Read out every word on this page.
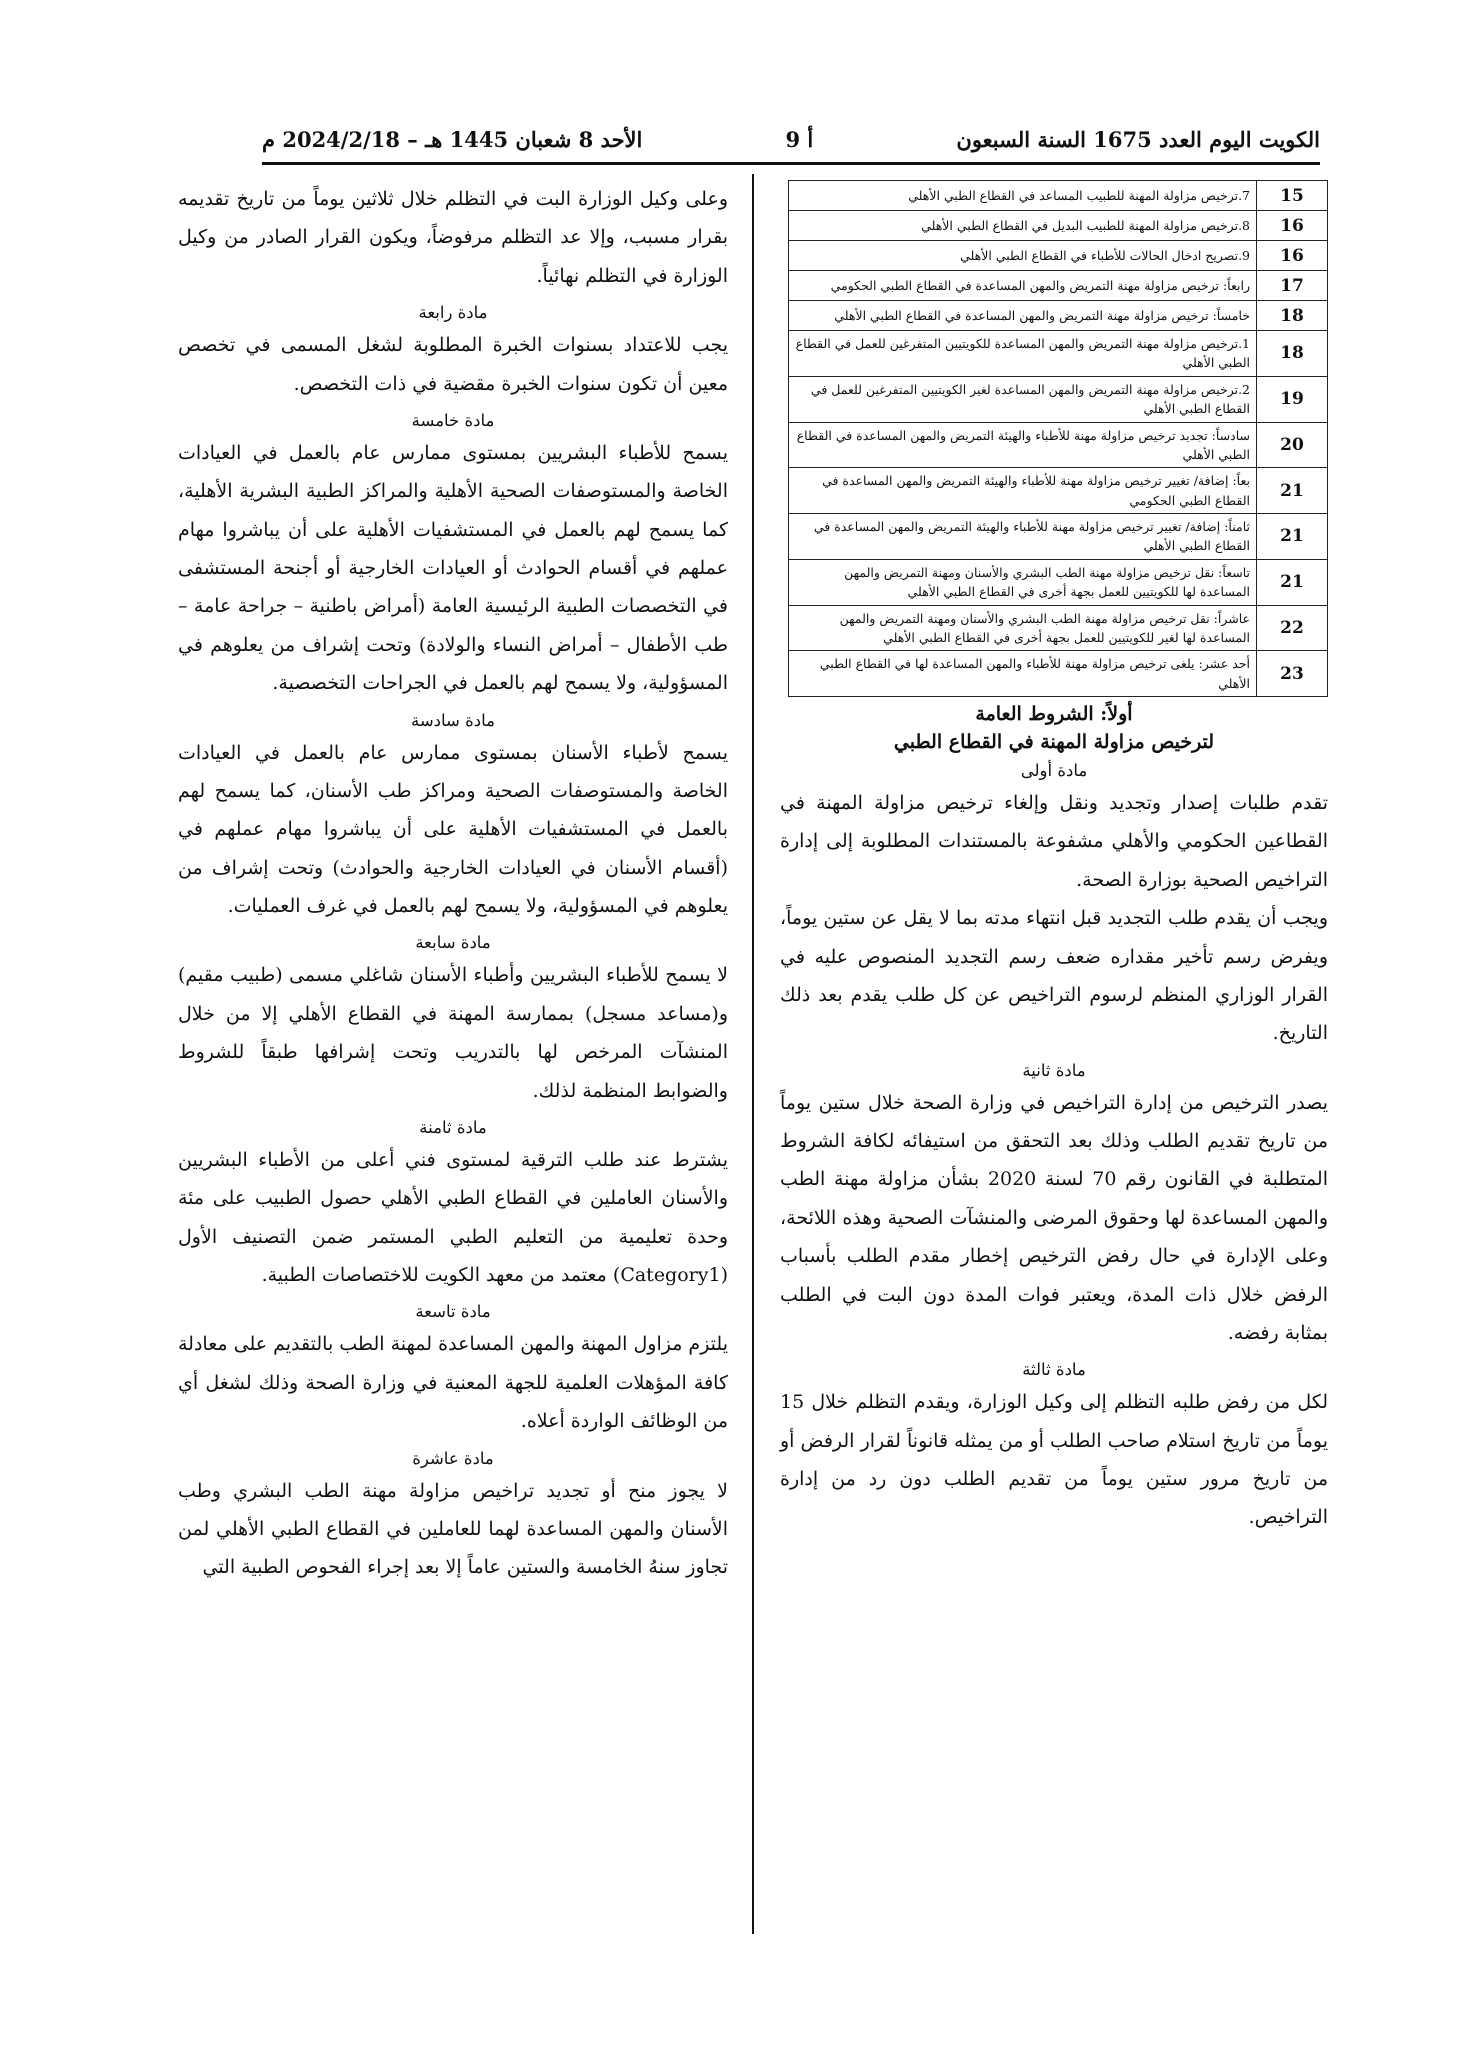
الكويت اليوم العدد 1675 السنة السبعون
أ 9
الأحد 8 شعبان 1445 هـ – 2024/2/18 م
15	7.ترخيص مزاولة المهنة للطبيب المساعد في القطاع الطبي الأهلي
16	8.ترخيص مزاولة المهنة للطبيب البديل في القطاع الطبي الأهلي
16	9.تصريح ادخال الحالات للأطباء في القطاع الطبي الأهلي
17	رابعاً: ترخيص مزاولة مهنة التمريض والمهن المساعدة في القطاع الطبي الحكومي
18	خامساً: ترخيص مزاولة مهنة التمريض والمهن المساعدة في القطاع الطبي الأهلي
18	1.ترخيص مزاولة مهنة التمريض والمهن المساعدة للكويتيين المتفرغين للعمل في القطاع الطبي الأهلي
19	2.ترخيص مزاولة مهنة التمريض والمهن المساعدة لغير الكويتيين المتفرغين للعمل في القطاع الطبي الأهلي
20	سادساً: تجديد ترخيص مزاولة مهنة للأطباء والهيئة التمريض والمهن المساعدة في القطاع الطبي الأهلي
21	بعاً: إضافة/ تغيير ترخيص مزاولة مهنة للأطباء والهيئة التمريض والمهن المساعدة في القطاع الطبي الحكومي
21	ثامناً: إضافة/ تغيير ترخيص مزاولة مهنة للأطباء والهيئة التمريض والمهن المساعدة في القطاع الطبي الأهلي
21	تاسعاً: نقل ترخيص مزاولة مهنة الطب البشري والأسنان ومهنة التمريض والمهن المساعدة لها للكويتيين للعمل بجهة أخرى في القطاع الطبي الأهلي
22	عاشراً: نقل ترخيص مزاولة مهنة الطب البشري والأسنان ومهنة التمريض والمهن المساعدة لها لغير للكويتيين للعمل بجهة أخرى في القطاع الطبي الأهلي
23	أحد عشر: يلغى ترخيص مزاولة مهنة للأطباء والمهن المساعدة لها في القطاع الطبي الأهلي
أولاً: الشروط العامة
لترخيص مزاولة المهنة في القطاع الطبي
مادة أولى

تقدم طلبات إصدار وتجديد ونقل وإلغاء ترخيص مزاولة المهنة في القطاعين الحكومي والأهلي مشفوعة بالمستندات المطلوبة إلى إدارة التراخيص الصحية بوزارة الصحة.

ويجب أن يقدم طلب التجديد قبل انتهاء مدته بما لا يقل عن ستين يوماً، ويفرض رسم تأخير مقداره ضعف رسم التجديد المنصوص عليه في القرار الوزاري المنظم لرسوم التراخيص عن كل طلب يقدم بعد ذلك التاريخ.

مادة ثانية

يصدر الترخيص من إدارة التراخيص في وزارة الصحة خلال ستين يوماً من تاريخ تقديم الطلب وذلك بعد التحقق من استيفائه لكافة الشروط المتطلبة في القانون رقم 70 لسنة 2020 بشأن مزاولة مهنة الطب والمهن المساعدة لها وحقوق المرضى والمنشآت الصحية وهذه اللائحة، وعلى الإدارة في حال رفض الترخيص إخطار مقدم الطلب بأسباب الرفض خلال ذات المدة، ويعتبر فوات المدة دون البت في الطلب بمثابة رفضه.

مادة ثالثة

لكل من رفض طلبه التظلم إلى وكيل الوزارة، ويقدم التظلم خلال 15 يوماً من تاريخ استلام صاحب الطلب أو من يمثله قانوناً لقرار الرفض أو من تاريخ مرور ستين يوماً من تقديم الطلب دون رد من إدارة التراخيص.

وعلى وكيل الوزارة البت في التظلم خلال ثلاثين يوماً من تاريخ تقديمه بقرار مسبب، وإلا عد التظلم مرفوضاً، ويكون القرار الصادر من وكيل الوزارة في التظلم نهائياً.

مادة رابعة

يجب للاعتداد بسنوات الخبرة المطلوبة لشغل المسمى في تخصص معين أن تكون سنوات الخبرة مقضية في ذات التخصص.

مادة خامسة

يسمح للأطباء البشريين بمستوى ممارس عام بالعمل في العيادات الخاصة والمستوصفات الصحية الأهلية والمراكز الطبية البشرية الأهلية، كما يسمح لهم بالعمل في المستشفيات الأهلية على أن يباشروا مهام عملهم في أقسام الحوادث أو العيادات الخارجية أو أجنحة المستشفى في التخصصات الطبية الرئيسية العامة (أمراض باطنية – جراحة عامة – طب الأطفال – أمراض النساء والولادة) وتحت إشراف من يعلوهم في المسؤولية، ولا يسمح لهم بالعمل في الجراحات التخصصية.

مادة سادسة

يسمح لأطباء الأسنان بمستوى ممارس عام بالعمل في العيادات الخاصة والمستوصفات الصحية ومراكز طب الأسنان، كما يسمح لهم بالعمل في المستشفيات الأهلية على أن يباشروا مهام عملهم في (أقسام الأسنان في العيادات الخارجية والحوادث) وتحت إشراف من يعلوهم في المسؤولية، ولا يسمح لهم بالعمل في غرف العمليات.

مادة سابعة

لا يسمح للأطباء البشريين وأطباء الأسنان شاغلي مسمى (طبيب مقيم) و(مساعد مسجل) بممارسة المهنة في القطاع الأهلي إلا من خلال المنشآت المرخص لها بالتدريب وتحت إشرافها طبقاً للشروط والضوابط المنظمة لذلك.

مادة ثامنة

يشترط عند طلب الترقية لمستوى فني أعلى من الأطباء البشريين والأسنان العاملين في القطاع الطبي الأهلي حصول الطبيب على مئة وحدة تعليمية من التعليم الطبي المستمر ضمن التصنيف الأول (Category1) معتمد من معهد الكويت للاختصاصات الطبية.

مادة تاسعة

يلتزم مزاول المهنة والمهن المساعدة لمهنة الطب بالتقديم على معادلة كافة المؤهلات العلمية للجهة المعنية في وزارة الصحة وذلك لشغل أي من الوظائف الواردة أعلاه.

مادة عاشرة

لا يجوز منح أو تجديد تراخيص مزاولة مهنة الطب البشري وطب الأسنان والمهن المساعدة لهما للعاملين في القطاع الطبي الأهلي لمن تجاوز سنهُ الخامسة والستين عاماً إلا بعد إجراء الفحوص الطبية التي
